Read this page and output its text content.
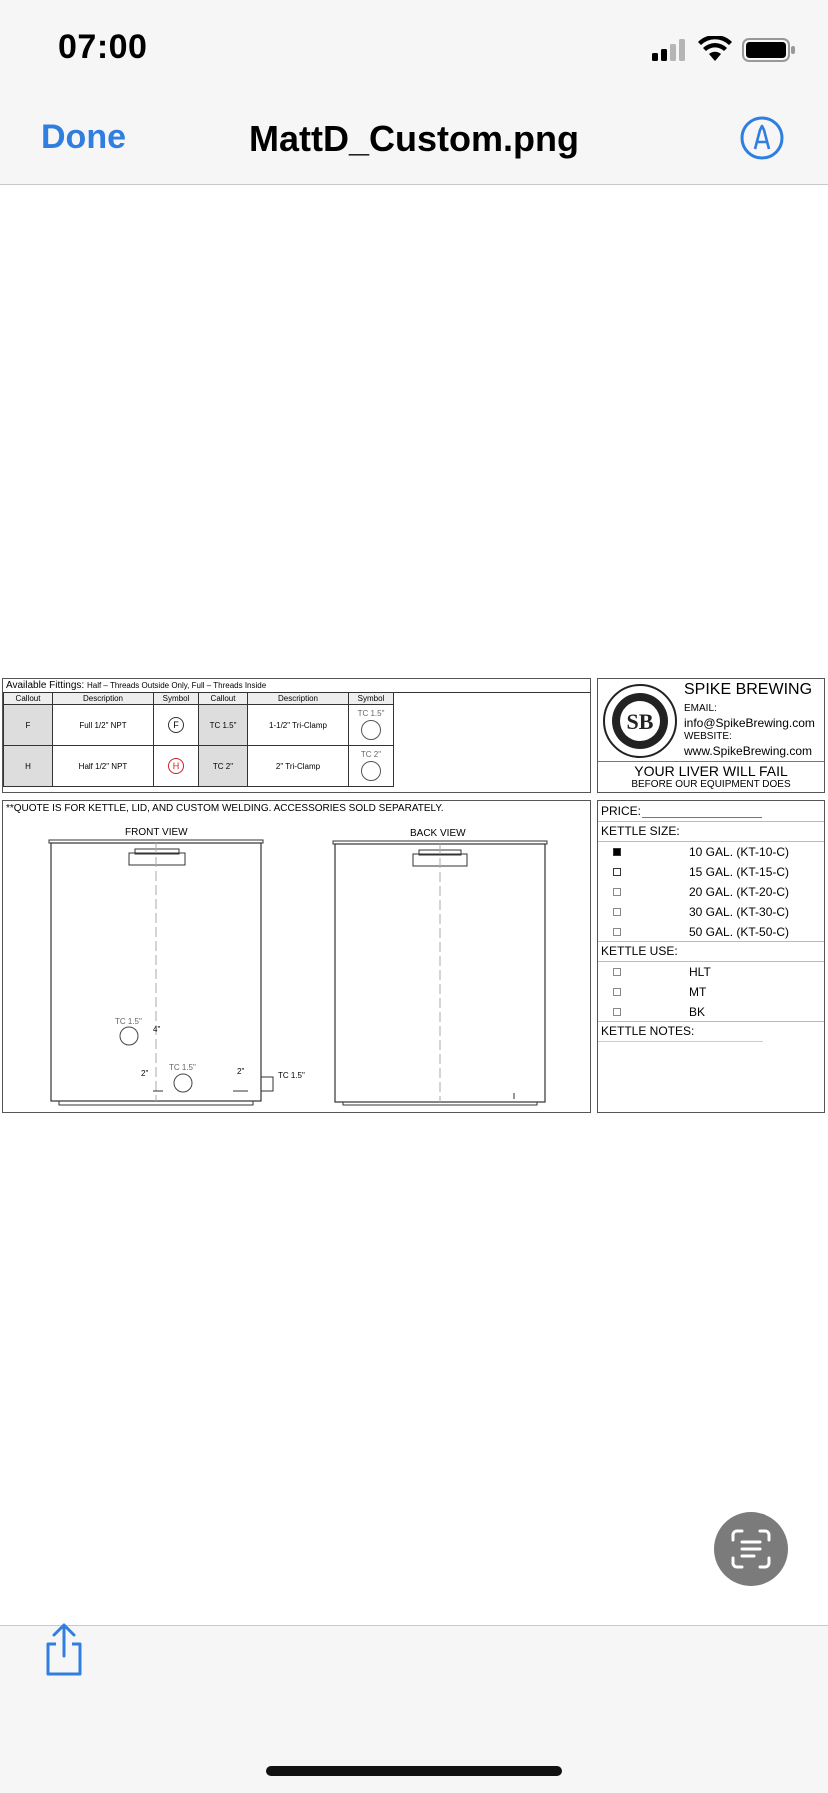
07:00
Done	MattD_Custom.png
Available Fittings: Half – Threads Outside Only, Full – Threads Inside
Callout	Description	Symbol	Callout	Description	Symbol
F	Full 1/2" NPT	F	TC 1.5"	1-1/2" Tri-Clamp	TC 1.5"

H	Half 1/2" NPT	H	TC 2"	2" Tri-Clamp	TC 2"
SB
SPIKE BREWING
EMAIL:
info@SpikeBrewing.com
WEBSITE:
www.SpikeBrewing.com
YOUR LIVER WILL FAIL
BEFORE OUR EQUIPMENT DOES
**QUOTE IS FOR KETTLE, LID, AND CUSTOM WELDING. ACCESSORIES SOLD SEPARATELY.
FRONT VIEW	BACK VIEW
TC 1.5"
4"
TC 1.5"
2"	2"	TC 1.5"
PRICE:
KETTLE SIZE:
10 GAL. (KT-10-C)
15 GAL. (KT-15-C)
20 GAL. (KT-20-C)
30 GAL. (KT-30-C)
50 GAL. (KT-50-C)
KETTLE USE:
HLT
MT
BK
KETTLE NOTES:
